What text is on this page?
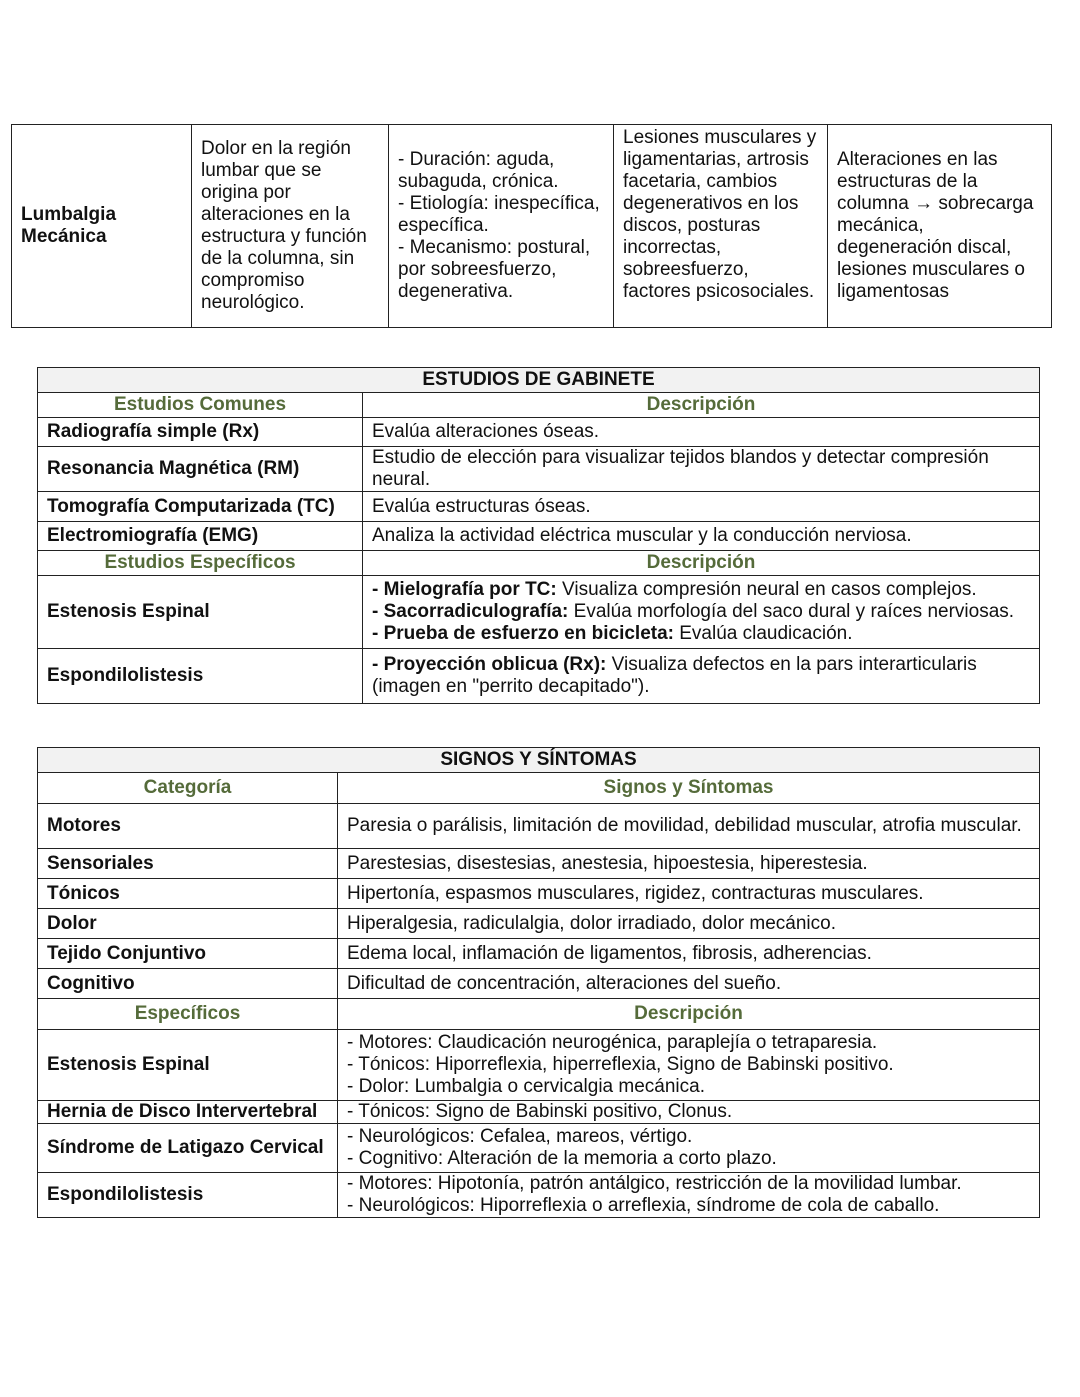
Lumbalgia Mecánica	Dolor en la región lumbar que se origina por alteraciones en la estructura y función de la columna, sin compromiso neurológico.	
- Duración: aguda, subaguda, crónica.
- Etiología: inespecífica, específica.
- Mecanismo: postural, por sobreesfuerzo, degenerativa.
	Lesiones musculares y ligamentarias, artrosis facetaria, cambios degenerativos en los discos, posturas incorrectas, sobreesfuerzo, factores psicosociales.	Alteraciones en las estructuras de la columna → sobrecarga mecánica, degeneración discal, lesiones musculares o ligamentosas
ESTUDIOS DE GABINETE	
Estudios Comunes	Descripción
Radiografía simple (Rx)	Evalúa alteraciones óseas.
Resonancia Magnética (RM)	Estudio de elección para visualizar tejidos blandos y detectar compresión neural.
Tomografía Computarizada (TC)	Evalúa estructuras óseas.
Electromiografía (EMG)	Analiza la actividad eléctrica muscular y la conducción nerviosa.
Estudios Específicos	Descripción
Estenosis Espinal	- Mielografía por TC: Visualiza compresión neural en casos complejos.
- Sacorradiculografía: Evalúa morfología del saco dural y raíces nerviosas.
- Prueba de esfuerzo en bicicleta: Evalúa claudicación.

Espondilolistesis	- Proyección oblicua (Rx): Visualiza defectos en la pars interarticularis (imagen en "perrito decapitado").
SIGNOS Y SÍNTOMAS	
Categoría	Signos y Síntomas
Motores	Paresia o parálisis, limitación de movilidad, debilidad muscular, atrofia muscular.
Sensoriales	Parestesias, disestesias, anestesia, hipoestesia, hiperestesia.
Tónicos	Hipertonía, espasmos musculares, rigidez, contracturas musculares.
Dolor	Hiperalgesia, radiculalgia, dolor irradiado, dolor mecánico.
Tejido Conjuntivo	Edema local, inflamación de ligamentos, fibrosis, adherencias.
Cognitivo	Dificultad de concentración, alteraciones del sueño.
Específicos	Descripción
Estenosis Espinal	- Motores: Claudicación neurogénica, paraplejía o tetraparesia.
- Tónicos: Hiporreflexia, hiperreflexia, Signo de Babinski positivo.
- Dolor: Lumbalgia o cervicalgia mecánica.

Hernia de Disco Intervertebral	- Tónicos: Signo de Babinski positivo, Clonus.

Síndrome de Latigazo Cervical	- Neurológicos: Cefalea, mareos, vértigo.
- Cognitivo: Alteración de la memoria a corto plazo.

Espondilolistesis	- Motores: Hipotonía, patrón antálgico, restricción de la movilidad lumbar.
- Neurológicos: Hiporreflexia o arreflexia, síndrome de cola de caballo.
